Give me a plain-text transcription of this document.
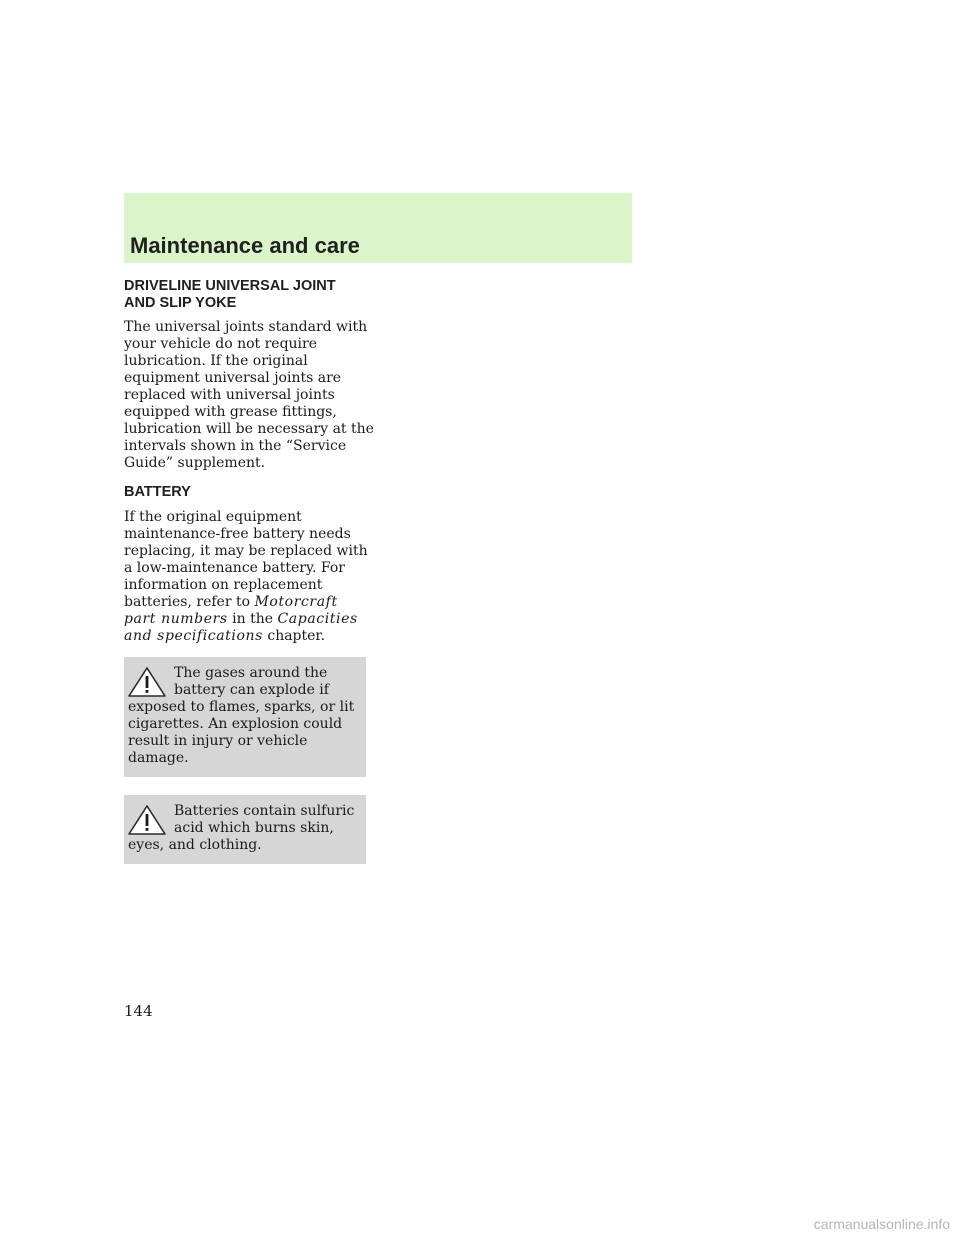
Maintenance and care
DRIVELINE UNIVERSAL JOINT
AND SLIP YOKE

The universal joints standard with your vehicle do not require lubrication. If the original equipment universal joints are replaced with universal joints equipped with grease fittings, lubrication will be necessary at the intervals shown in the “Service Guide” supplement.

BATTERY

If the original equipment maintenance-free battery needs replacing, it may be replaced with a low-maintenance battery. For information on replacement batteries, refer to Motorcraft part numbers in the Capacities and specifications chapter.

The gases around the battery can explode if exposed to flames, sparks, or lit cigarettes. An explosion could result in injury or vehicle damage.

Batteries contain sulfuric acid which burns skin, eyes, and clothing.

144

carmanualsonline.info
